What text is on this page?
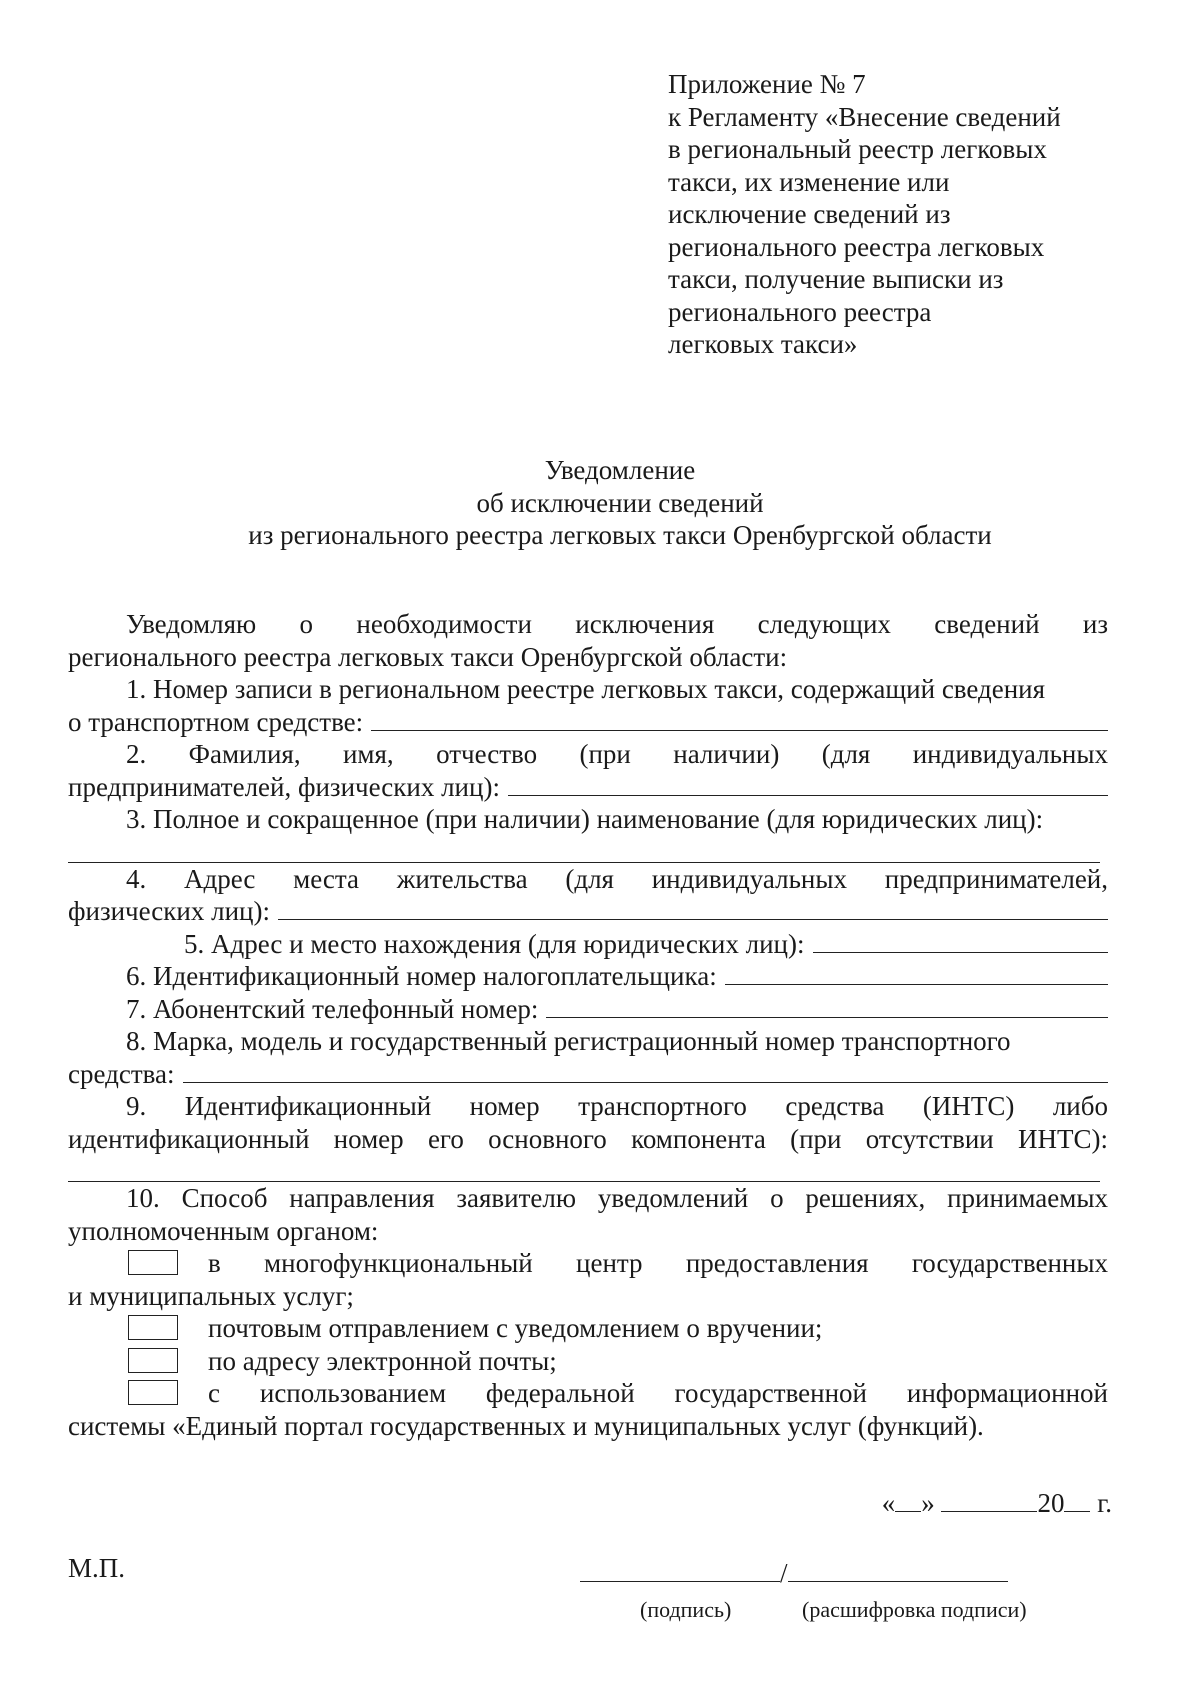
Приложение № 7
к Регламенту «Внесение сведений
в региональный реестр легковых
такси, их изменение или
исключение сведений из
регионального реестра легковых
такси, получение выписки из
регионального реестра
легковых такси»
Уведомление
об исключении сведений
из регионального реестра легковых такси Оренбургской области
Уведомляю о необходимости исключения следующих сведений из
регионального реестра легковых такси Оренбургской области:
1. Номер записи в региональном реестре легковых такси, содержащий сведения
о транспортном средстве:
2. Фамилия, имя, отчество (при наличии) (для индивидуальных
предпринимателей, физических лиц):
3. Полное и сокращенное (при наличии) наименование (для юридических лиц):
4. Адрес места жительства (для индивидуальных предпринимателей,
физических лиц):
5. Адрес и место нахождения (для юридических лиц):
6. Идентификационный номер налогоплательщика:
7. Абонентский телефонный номер:
8. Марка, модель и государственный регистрационный номер транспортного
средства:
9. Идентификационный номер транспортного средства (ИНТС) либо
идентификационный номер его основного компонента (при отсутствии ИНТС):
10. Способ направления заявителю уведомлений о решениях, принимаемых
уполномоченным органом:
в многофункциональный центр предоставления государственных
и муниципальных услуг;
почтовым отправлением с уведомлением о вручении;
по адресу электронной почты;
с использованием федеральной государственной информационной
системы «Единый портал государственных и муниципальных услуг (функций).
« »	20 г.
М.П.	/
(подпись)	(расшифровка подписи)
